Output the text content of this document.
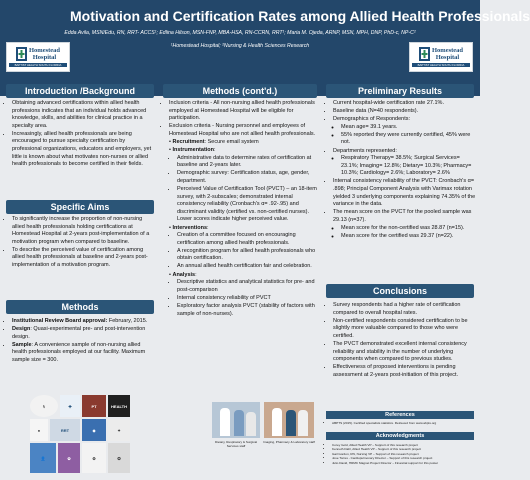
Motivation and Certification Rates among Allied Health Professionals
Edda Avila, MSN/Edu, RN, RRT- ACCS¹; Edlina Hilson, MSN-FNP, MBA-HSA, RN-CCRN, RRT¹; Maria M. Ojeda, ARNP, MSN, MPH, DNP, PhD-c, NP-C²
¹Homestead Hospital; ²Nursing & Health Sciences Research
Homestead
Hospital
BAPTIST HEALTH SOUTH FLORIDA
Homestead
Hospital
BAPTIST HEALTH SOUTH FLORIDA
Introduction /Background
• Obtaining advanced certifications within allied health professions indicates that an individual holds advanced knowledge, skills, and abilities for clinical practice in a specialty area.
• Increasingly, allied health professionals are being encouraged to pursue specialty certification by professional organizations, educators and employers, yet little is known about what motivates non-nurses or allied health professionals to become certified in their fields.
Specific Aims
• To significantly increase the proportion of non-nursing allied health professionals holding certifications at Homestead Hospital at 2-years post-implementation of a motivation program when compared to baseline.
• To describe the perceived value of certification among allied health professionals at baseline and 2-years post-implementation of a motivation program.
Methods
• Institutional Review Board approval: February, 2015.
• Design: Quasi-experimental pre- and post-intervention design.
• Sample: A convenience sample of non-nursing allied health professionals employed at our facility. Maximum sample size = 300.
⚕	✚	PT	HEALTH
●	RRT	◆	✦
👤	✿	⚙	✪
Methods (cont'd.)
• Inclusion criteria - All non-nursing allied health professionals employed at Homestead Hospital will be eligible for participation.
• Exclusion criteria - Nursing personnel and employees of Homestead Hospital who are not allied health professionals.
• Recruitment: Secure email system
• Instrumentation:
• Administrative data to determine rates of certification at baseline and 2-years later.
• Demographic survey: Certification status, age, gender, department.
• Perceived Value of Certification Tool (PVCT) – an 18-item survey, with 2-subscales; demonstrated internal consistency reliability (Cronbach's α= .92-.95) and discriminant validity (certified vs. non-certified nurses). Lower scores indicate higher perceived value.
• Interventions:
• Creation of a committee focused on encouraging certification among allied health professionals.
• A recognition program for allied health professionals who obtain certification.
• An annual allied health certification fair and celebration.
• Analysis:
• Descriptive statistics and analytical statistics for pre- and post-comparison
• Internal consistency reliability of PVCT
• Exploratory factor analysis PVCT (stability of factors with sample of non-nurses).
Dietary, Respiratory & Surgical Services staff
Imaging, Pharmacy & Laboratory staff
Preliminary Results
• Current hospital-wide certification rate 27.1%.
• Baseline data (N=40 respondents).
• Demographics of Respondents:
◦ Mean age= 39.1 years.
◦ 55% reported they were currently certified, 45% were not.
• Departments represented:
◦ Respiratory Therapy= 38.5%; Surgical Services= 23.1%; Imaging= 12.8%; Dietary= 10.3%; Pharmacy= 10.3%; Cardiology= 2.6%; Laboratory= 2.6%
• Internal consistency reliability of the PVCT: Cronbach's α= .898; Principal Component Analysis with Varimax rotation yielded 3 underlying components explaining 74.35% of the variance in the data.
• The mean score on the PVCT for the pooled sample was 29.13 (n=37).
◦ Mean score for the non-certified was 28.87 (n=15).
◦ Mean score for the certified was 29.37 (n=22).
Conclusions
• Survey respondents had a higher rate of certification compared to overall hospital rates.
• Non-certified respondents considered certification to be slightly more valuable compared to those who were certified.
• The PVCT demonstrated excellent internal consistency reliability and stability in the number of underlying components when compared to previous studies.
• Effectiveness of proposed interventions is pending assessment at 2-years post-initiation of this project.
References
• ABPTS (2015). Certified specialists statistics. Retrieved from www.abpts.org
Acknowledgments
• Corey Gold, Allied Health VP – Support of this research project
• Kenneth Dahl, Allied Health VP – Support of this research project
• Gail Gordon, RN, Nursing VP – Support of this research project
• Jose Torres - Cardiopulmonary Director – Support of this research project
• Julio David, HRMC Magnet Project Director – Financial support for this poster
